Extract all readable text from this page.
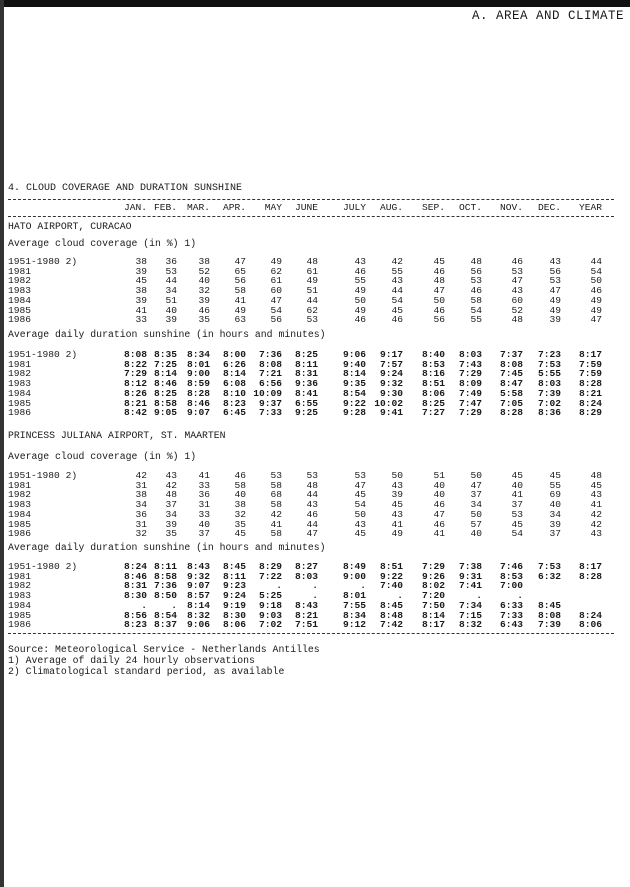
A. AREA AND CLIMATE
4. CLOUD COVERAGE AND DURATION SUNSHINE
JAN. FEB.	MAR.	APR.	MAY	JUNE	JULY	AUG.	SEP.	OCT.	NOV.	DEC.	YEAR
HATO AIRPORT, CURACAO
Average cloud coverage (in %) 1)
1951-1980 2)	38	36	38	47	49	48	43	42	45	48	46	43	44
1981	39	53	52	65	62	61	46	55	46	56	53	56	54
1982	45	44	40	56	61	49	55	43	48	53	47	53	50
1983	38	34	32	58	60	51	49	44	47	46	43	47	46
1984	39	51	39	41	47	44	50	54	50	58	60	49	49
1985	41	40	46	49	54	62	49	45	46	54	52	49	49
1986	33	39	35	63	56	53	46	46	56	55	48	39	47
Average daily duration sunshine (in hours and minutes)
1951-1980 2)	8:08 8:35	8:34	8:00	7:36	8:25	9:06	9:17	8:40	8:03	7:37	7:23	8:17
1981	8:22 7:25	8:01	6:26	8:08	8:11	9:40	7:57	8:53	7:43	8:08	7:53	7:59
1982	7:29 8:14	9:00	8:14	7:21	8:31	8:14	9:24	8:16	7:29	7:45	5:55	7:59
1983	8:12 8:46	8:59	6:08	6:56	9:36	9:35	9:32	8:51	8:09	8:47	8:03	8:28
1984	8:26 8:25	8:28	8:10 10:09	8:41	8:54	9:30	8:06	7:49	5:58	7:39	8:21
1985	8:21 8:58	8:46	8:23	9:37	6:55	9:22 10:02	8:25	7:47	7:05	7:02	8:24
1986	8:42 9:05	9:07	6:45	7:33	9:25	9:28	9:41	7:27	7:29	8:28	8:36	8:29
PRINCESS JULIANA AIRPORT, ST. MAARTEN
Average cloud coverage (in %) 1)
1951-1980 2)	42	43	41	46	53	53	53	50	51	50	45	45	48
1981	31	42	33	58	58	48	47	43	40	47	40	55	45
1982	38	48	36	40	68	44	45	39	40	37	41	69	43
1983	34	37	31	38	58	43	54	45	46	34	37	40	41
1984	36	34	33	32	42	46	50	43	47	50	53	34	42
1985	31	39	40	35	41	44	43	41	46	57	45	39	42
1986	32	35	37	45	58	47	45	49	41	40	54	37	43
Average daily duration sunshine (in hours and minutes)
1951-1980 2)	8:24 8:11	8:43	8:45	8:29	8:27	8:49	8:51	7:29	7:38	7:46	7:53	8:17
1981	8:46 8:58	9:32	8:11	7:22	8:03	9:00	9:22	9:26	9:31	8:53	6:32	8:28
1982	8:31 7:36	9:07	9:23	.	.	.	7:40	8:02	7:41	7:00
1983	8:30 8:50	8:57	9:24	5:25	.	8:01	.	7:20	.	.
1984	.	.	8:14	9:19	9:18	8:43	7:55	8:45	7:50	7:34	6:33	8:45
1985	8:56 8:54	8:32	8:30	9:03	8:21	8:34	8:48	8:14	7:15	7:33	8:08	8:24
1986	8:23 8:37	9:06	8:06	7:02	7:51	9:12	7:42	8:17	8:32	6:43	7:39	8:06
Source: Meteorological Service - Netherlands Antilles
1) Average of daily 24 hourly observations
2) Climatological standard period, as available
